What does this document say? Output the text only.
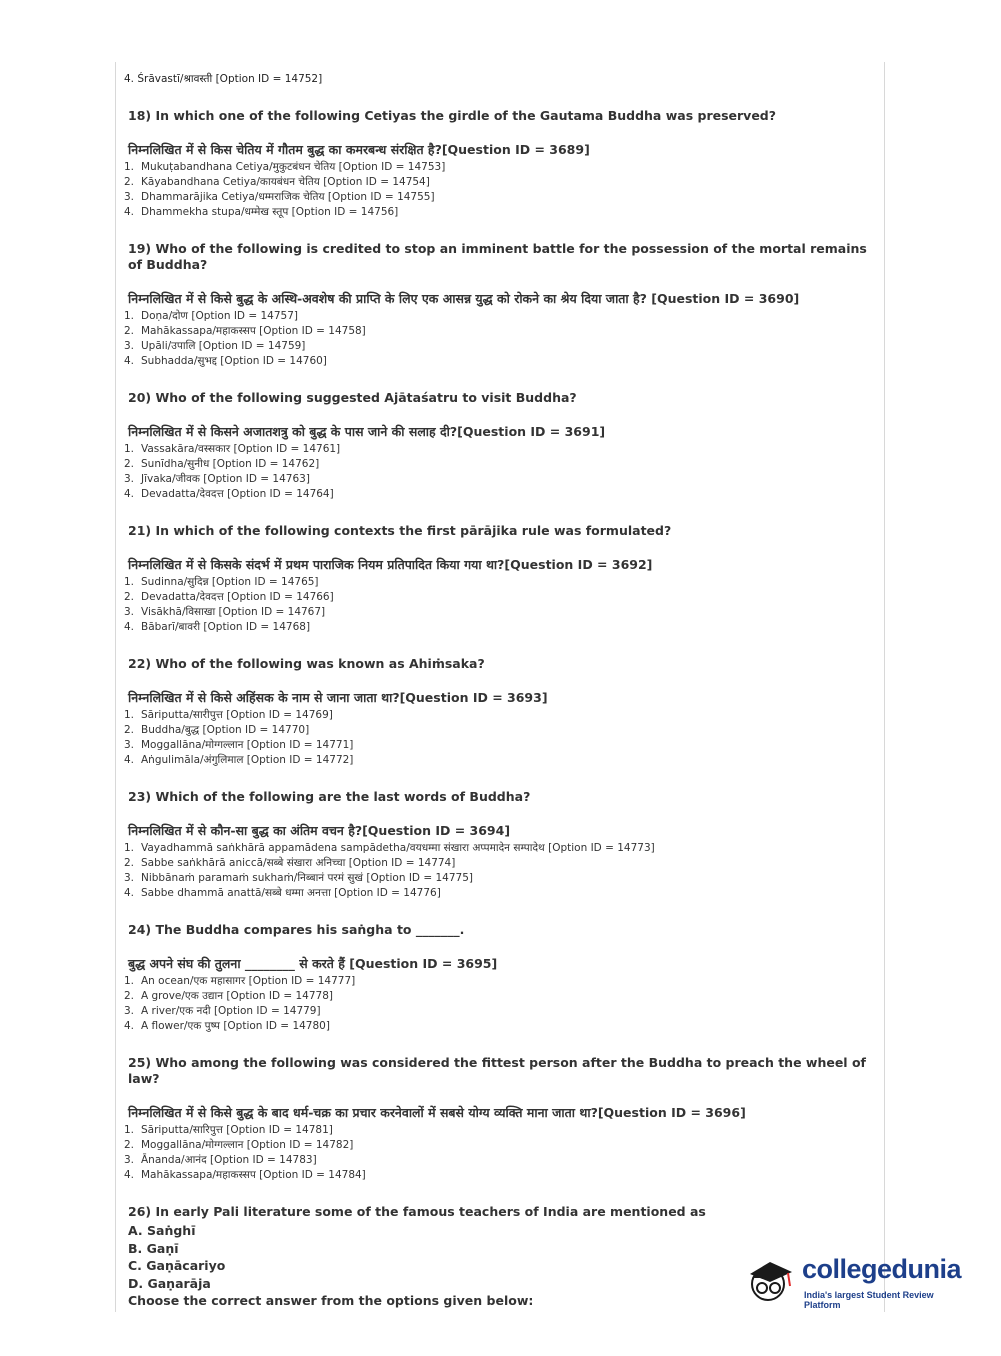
4. Śrāvastī/श्रावस्ती [Option ID = 14752]
18) In which one of the following Cetiyas the girdle of the Gautama Buddha was preserved?
निम्नलिखित में से किस चेतिय में गौतम बुद्ध का कमरबन्ध संरक्षित है?[Question ID = 3689]
1. Mukuṭabandhana Cetiya/मुकुटबंधन चेतिय [Option ID = 14753]
2. Kāyabandhana Cetiya/कायबंधन चेतिय [Option ID = 14754]
3. Dhammarājika Cetiya/धम्मराजिक चेतिय [Option ID = 14755]
4. Dhammekha stupa/धम्मेख स्तूप [Option ID = 14756]
19) Who of the following is credited to stop an imminent battle for the possession of the mortal remains of Buddha?
निम्नलिखित में से किसे बुद्ध के अस्थि-अवशेष की प्राप्ति के लिए एक आसन्न युद्ध को रोकने का श्रेय दिया जाता है? [Question ID = 3690]
1. Doṇa/दोण [Option ID = 14757]
2. Mahākassapa/महाकस्सप [Option ID = 14758]
3. Upāli/उपालि [Option ID = 14759]
4. Subhadda/सुभद्द [Option ID = 14760]
20) Who of the following suggested Ajātaśatru to visit Buddha?
निम्नलिखित में से किसने अजातशत्रु को बुद्ध के पास जाने की सलाह दी?[Question ID = 3691]
1. Vassakāra/वस्सकार [Option ID = 14761]
2. Sunīdha/सुनीध [Option ID = 14762]
3. Jīvaka/जीवक [Option ID = 14763]
4. Devadatta/देवदत्त [Option ID = 14764]
21) In which of the following contexts the first pārājika rule was formulated?
निम्नलिखित में से किसके संदर्भ में प्रथम पाराजिक नियम प्रतिपादित किया गया था?[Question ID = 3692]
1. Sudinna/सुदिन्न [Option ID = 14765]
2. Devadatta/देवदत्त [Option ID = 14766]
3. Visākhā/विसाखा [Option ID = 14767]
4. Bābarī/बावरी [Option ID = 14768]
22) Who of the following was known as Ahiṁsaka?
निम्नलिखित में से किसे अहिंसक के नाम से जाना जाता था?[Question ID = 3693]
1. Sāriputta/सारीपुत्त [Option ID = 14769]
2. Buddha/बुद्ध [Option ID = 14770]
3. Moggallāna/मोग्गल्लान [Option ID = 14771]
4. Aṅgulimāla/अंगुलिमाल [Option ID = 14772]
23) Which of the following are the last words of Buddha?
निम्नलिखित में से कौन-सा बुद्ध का अंतिम वचन है?[Question ID = 3694]
1. Vayadhammā saṅkhārā appamādena sampādetha/वयधम्मा संखारा अप्पमादेन सम्पादेथ [Option ID = 14773]
2. Sabbe saṅkhārā aniccā/सब्बे संखारा अनिच्चा [Option ID = 14774]
3. Nibbānaṁ paramaṁ sukhaṁ/निब्बानं परमं सुखं [Option ID = 14775]
4. Sabbe dhammā anattā/सब्बे धम्मा अनत्ता [Option ID = 14776]
24) The Buddha compares his saṅgha to _______.
बुद्ध अपने संघ की तुलना ________ से करते हैं [Question ID = 3695]
1. An ocean/एक महासागर [Option ID = 14777]
2. A grove/एक उद्यान [Option ID = 14778]
3. A river/एक नदी [Option ID = 14779]
4. A flower/एक पुष्प [Option ID = 14780]
25) Who among the following was considered the fittest person after the Buddha to preach the wheel of law?
निम्नलिखित में से किसे बुद्ध के बाद धर्म-चक्र का प्रचार करनेवालों में सबसे योग्य व्यक्ति माना जाता था?[Question ID = 3696]
1. Sāriputta/सारिपुत्त [Option ID = 14781]
2. Moggallāna/मोग्गल्लान [Option ID = 14782]
3. Ānanda/आनंद [Option ID = 14783]
4. Mahākassapa/महाकस्सप [Option ID = 14784]
26) In early Pali literature some of the famous teachers of India are mentioned as
A. Saṅghī
B. Gaṇī
C. Gaṇācariyo
D. Gaṇarāja
Choose the correct answer from the options given below:
collegedunia
India's largest Student Review Platform
